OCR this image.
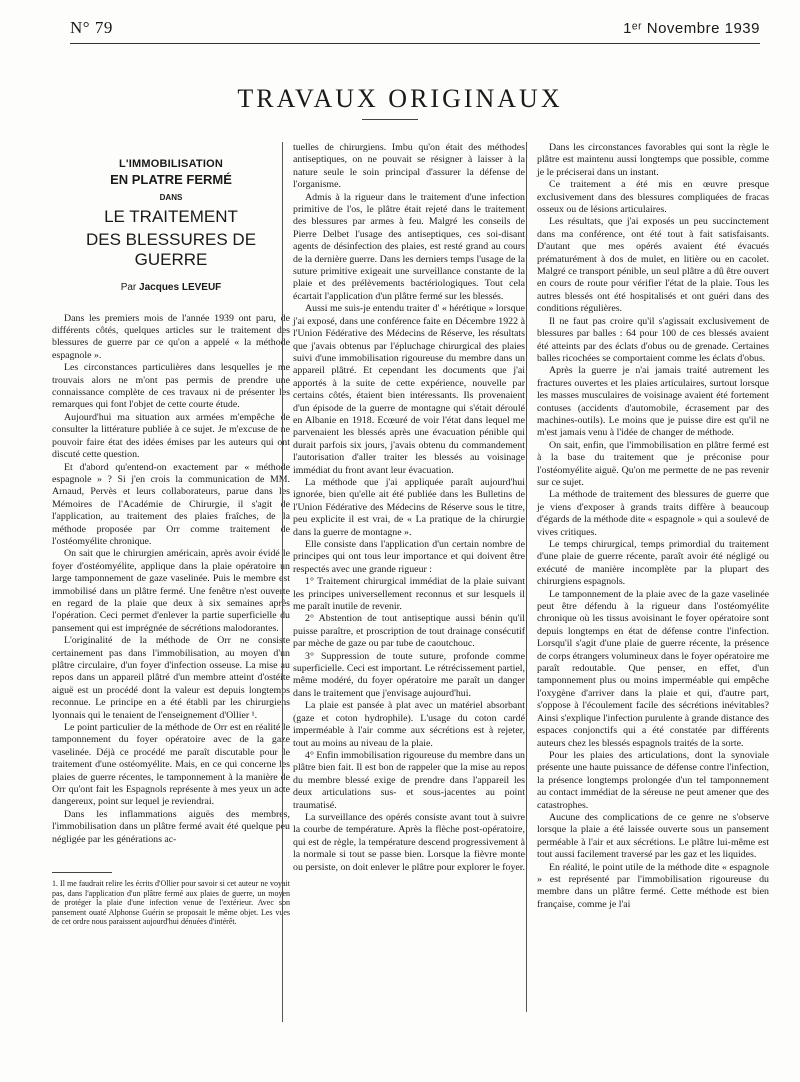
N° 79	1ᵉʳ Novembre 1939
TRAVAUX ORIGINAUX
L'IMMOBILISATION
EN PLATRE FERMÉ
DANS
LE TRAITEMENT
DES BLESSURES DE GUERRE
Par Jacques LEVEUF

Dans les premiers mois de l'année 1939 ont paru, de différents côtés, quelques articles sur le traitement des blessures de guerre par ce qu'on a appelé « la méthode espagnole ».

Les circonstances particulières dans lesquelles je me trouvais alors ne m'ont pas permis de prendre une connaissance complète de ces travaux ni de présenter les remarques qui font l'objet de cette courte étude.

Aujourd'hui ma situation aux armées m'empêche de consulter la littérature publiée à ce sujet. Je m'excuse de ne pouvoir faire état des idées émises par les auteurs qui ont discuté cette question.

Et d'abord qu'entend-on exactement par « méthode espagnole » ? Si j'en crois la communication de MM. Arnaud, Pervès et leurs collaborateurs, parue dans les Mémoires de l'Académie de Chirurgie, il s'agit de l'application, au traitement des plaies fraîches, de la méthode proposée par Orr comme traitement de l'ostéomyélite chronique.

On sait que le chirurgien américain, après avoir évidé le foyer d'ostéomyélite, applique dans la plaie opératoire un large tamponnement de gaze vaselinée. Puis le membre est immobilisé dans un plâtre fermé. Une fenêtre n'est ouverte en regard de la plaie que deux à six semaines après l'opération. Ceci permet d'enlever la partie superficielle du pansement qui est imprégnée de sécrétions malodorantes.

L'originalité de la méthode de Orr ne consiste certainement pas dans l'immobilisation, au moyen d'un plâtre circulaire, d'un foyer d'infection osseuse. La mise au repos dans un appareil plâtré d'un membre atteint d'ostéite aiguë est un procédé dont la valeur est depuis longtemps reconnue. Le principe en a été établi par les chirurgiens lyonnais qui le tenaient de l'enseignement d'Ollier ¹.

Le point particulier de la méthode de Orr est en réalité le tamponnement du foyer opératoire avec de la gaze vaselinée. Déjà ce procédé me paraît discutable pour le traitement d'une ostéomyélite. Mais, en ce qui concerne les plaies de guerre récentes, le tamponnement à la manière de Orr qu'ont fait les Espagnols représente à mes yeux un acte dangereux, point sur lequel je reviendrai.

Dans les inflammations aiguës des membres, l'immobilisation dans un plâtre fermé avait été quelque peu négligée par les générations ac-

1. Il me faudrait relire les écrits d'Ollier pour savoir si cet auteur ne voyait pas, dans l'application d'un plâtre fermé aux plaies de guerre, un moyen de protéger la plaie d'une infection venue de l'extérieur. Avec son pansement ouaté Alphonse Guérin se proposait le même objet. Les vues de cet ordre nous paraissent aujourd'hui dénuées d'intérêt.

tuelles de chirurgiens. Imbu qu'on était des méthodes antiseptiques, on ne pouvait se résigner à laisser à la nature seule le soin principal d'assurer la défense de l'organisme.

Admis à la rigueur dans le traitement d'une infection primitive de l'os, le plâtre était rejeté dans le traitement des blessures par armes à feu. Malgré les conseils de Pierre Delbet l'usage des antiseptiques, ces soi-disant agents de désinfection des plaies, est resté grand au cours de la dernière guerre. Dans les derniers temps l'usage de la suture primitive exigeait une surveillance constante de la plaie et des prélèvements bactériologiques. Tout cela écartait l'application d'un plâtre fermé sur les blessés.

Aussi me suis-je entendu traiter d' « hérétique » lorsque j'ai exposé, dans une conférence faite en Décembre 1922 à l'Union Fédérative des Médecins de Réserve, les résultats que j'avais obtenus par l'épluchage chirurgical des plaies suivi d'une immobilisation rigoureuse du membre dans un appareil plâtré. Et cependant les documents que j'ai apportés à la suite de cette expérience, nouvelle par certains côtés, étaient bien intéressants. Ils provenaient d'un épisode de la guerre de montagne qui s'était déroulé en Albanie en 1918. Ecœuré de voir l'état dans lequel me parvenaient les blessés après une évacuation pénible qui durait parfois six jours, j'avais obtenu du commandement l'autorisation d'aller traiter les blessés au voisinage immédiat du front avant leur évacuation.

La méthode que j'ai appliquée paraît aujourd'hui ignorée, bien qu'elle ait été publiée dans les Bulletins de l'Union Fédérative des Médecins de Réserve sous le titre, peu explicite il est vrai, de « La pratique de la chirurgie dans la guerre de montagne ».

Elle consiste dans l'application d'un certain nombre de principes qui ont tous leur importance et qui doivent être respectés avec une grande rigueur :

1° Traitement chirurgical immédiat de la plaie suivant les principes universellement reconnus et sur lesquels il me paraît inutile de revenir.

2° Abstention de tout antiseptique aussi bénin qu'il puisse paraître, et proscription de tout drainage consécutif par mèche de gaze ou par tube de caoutchouc.

3° Suppression de toute suture, profonde comme superficielle. Ceci est important. Le rétrécissement partiel, même modéré, du foyer opératoire me paraît un danger dans le traitement que j'envisage aujourd'hui.

La plaie est pansée à plat avec un matériel absorbant (gaze et coton hydrophile). L'usage du coton cardé imperméable à l'air comme aux sécrétions est à rejeter, tout au moins au niveau de la plaie.

4° Enfin immobilisation rigoureuse du membre dans un plâtre bien fait. Il est bon de rappeler que la mise au repos du membre blessé exige de prendre dans l'appareil les deux articulations sus- et sous-jacentes au point traumatisé.

La surveillance des opérés consiste avant tout à suivre la courbe de température. Après la flèche post-opératoire, qui est de règle, la température descend progressivement à la normale si tout se passe bien. Lorsque la fièvre monte ou persiste, on doit enlever le plâtre pour explorer le foyer.

Dans les circonstances favorables qui sont la règle le plâtre est maintenu aussi longtemps que possible, comme je le préciserai dans un instant.

Ce traitement a été mis en œuvre presque exclusivement dans des blessures compliquées de fracas osseux ou de lésions articulaires.

Les résultats, que j'ai exposés un peu succinctement dans ma conférence, ont été tout à fait satisfaisants. D'autant que mes opérés avaient été évacués prématurément à dos de mulet, en litière ou en cacolet. Malgré ce transport pénible, un seul plâtre a dû être ouvert en cours de route pour vérifier l'état de la plaie. Tous les autres blessés ont été hospitalisés et ont guéri dans des conditions régulières.

Il ne faut pas croire qu'il s'agissait exclusivement de blessures par balles : 64 pour 100 de ces blessés avaient été atteints par des éclats d'obus ou de grenade. Certaines balles ricochées se comportaient comme les éclats d'obus.

Après la guerre je n'ai jamais traité autrement les fractures ouvertes et les plaies articulaires, surtout lorsque les masses musculaires de voisinage avaient été fortement contuses (accidents d'automobile, écrasement par des machines-outils). Le moins que je puisse dire est qu'il ne m'est jamais venu à l'idée de changer de méthode.

On sait, enfin, que l'immobilisation en plâtre fermé est à la base du traitement que je préconise pour l'ostéomyélite aiguë. Qu'on me permette de ne pas revenir sur ce sujet.

La méthode de traitement des blessures de guerre que je viens d'exposer à grands traits diffère à beaucoup d'égards de la méthode dite « espagnole » qui a soulevé de vives critiques.

Le temps chirurgical, temps primordial du traitement d'une plaie de guerre récente, paraît avoir été négligé ou exécuté de manière incomplète par la plupart des chirurgiens espagnols.

Le tamponnement de la plaie avec de la gaze vaselinée peut être défendu à la rigueur dans l'ostéomyélite chronique où les tissus avoisinant le foyer opératoire sont depuis longtemps en état de défense contre l'infection. Lorsqu'il s'agit d'une plaie de guerre récente, la présence de corps étrangers volumineux dans le foyer opératoire me paraît redoutable. Que penser, en effet, d'un tamponnement plus ou moins imperméable qui empêche l'oxygène d'arriver dans la plaie et qui, d'autre part, s'oppose à l'écoulement facile des sécrétions inévitables? Ainsi s'explique l'infection purulente à grande distance des espaces conjonctifs qui a été constatée par différents auteurs chez les blessés espagnols traités de la sorte.

Pour les plaies des articulations, dont la synoviale présente une haute puissance de défense contre l'infection, la présence longtemps prolongée d'un tel tamponnement au contact immédiat de la séreuse ne peut amener que des catastrophes.

Aucune des complications de ce genre ne s'observe lorsque la plaie a été laissée ouverte sous un pansement perméable à l'air et aux sécrétions. Le plâtre lui-même est tout aussi facilement traversé par les gaz et les liquides.

En réalité, le point utile de la méthode dite « espagnole » est représenté par l'immobilisation rigoureuse du membre dans un plâtre fermé. Cette méthode est bien française, comme je l'ai
